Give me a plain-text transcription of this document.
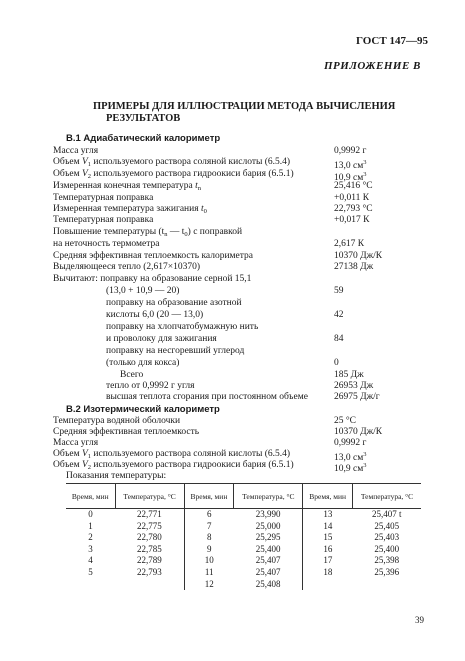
ГОСТ 147—95
ПРИЛОЖЕНИЕ В
ПРИМЕРЫ ДЛЯ ИЛЛЮСТРАЦИИ МЕТОДА ВЫЧИСЛЕНИЯ
РЕЗУЛЬТАТОВ
В.1 Адиабатический калориметр
Масса угля	0,9992 г
Объем $V_1$ используемого раствора соляной кислоты (6.5.4)	13,0 $см^3$
Объем $V_2$ используемого раствора гидроокиси бария (6.5.1)	10,9 $см^3$
Измеренная конечная температура $t_n$	25,416 °С
Температурная поправка	+0,011 К
Измеренная температура зажигания $t_0$	22,793 °С
Температурная поправка	+0,017 К
Повышение температуры ($t_n$ — $t_0$) с поправкой
на неточность термометра	2,617 К
Средняя эффективная теплоемкость калориметра	10370 Дж/К
Выделяющееся тепло (2,617×10370)	27138 Дж
Вычитают: поправку на образование серной 15,1
(13,0 + 10,9 — 20)	59
поправку на образование азотной
кислоты 6,0 (20 — 13,0)	42
поправку на хлопчатобумажную нить
и проволоку для зажигания	84
поправку на несгоревший углерод
(только для кокса)	0
Всего	185 Дж
тепло от 0,9992 г угля	26953 Дж
высшая теплота сгорания при постоянном объеме	26975 Дж/г
В.2 Изотермический калориметр
Температура водяной оболочки	25 °С
Средняя эффективная теплоемкость	10370 Дж/К
Масса угля	0,9992 г
Объем $V_1$ используемого раствора соляной кислоты (6.5.4)	13,0 $см^3$
Объем $V_2$ используемого раствора гидроокиси бария (6.5.1)	10,9 $см^3$
Показания температуры:
Время, мин	Температура, °С	Время, мин	Температура, °С	Время, мин	Температура, °С
0	22,771	6	23,990	13	25,407 t
1	22,775	7	25,000	14	25,405
2	22,780	8	25,295	15	25,403
3	22,785	9	25,400	16	25,400
4	22,789	10	25,407	17	25,398
5	22,793	11	25,407	18	25,396
		12	25,408		
39
